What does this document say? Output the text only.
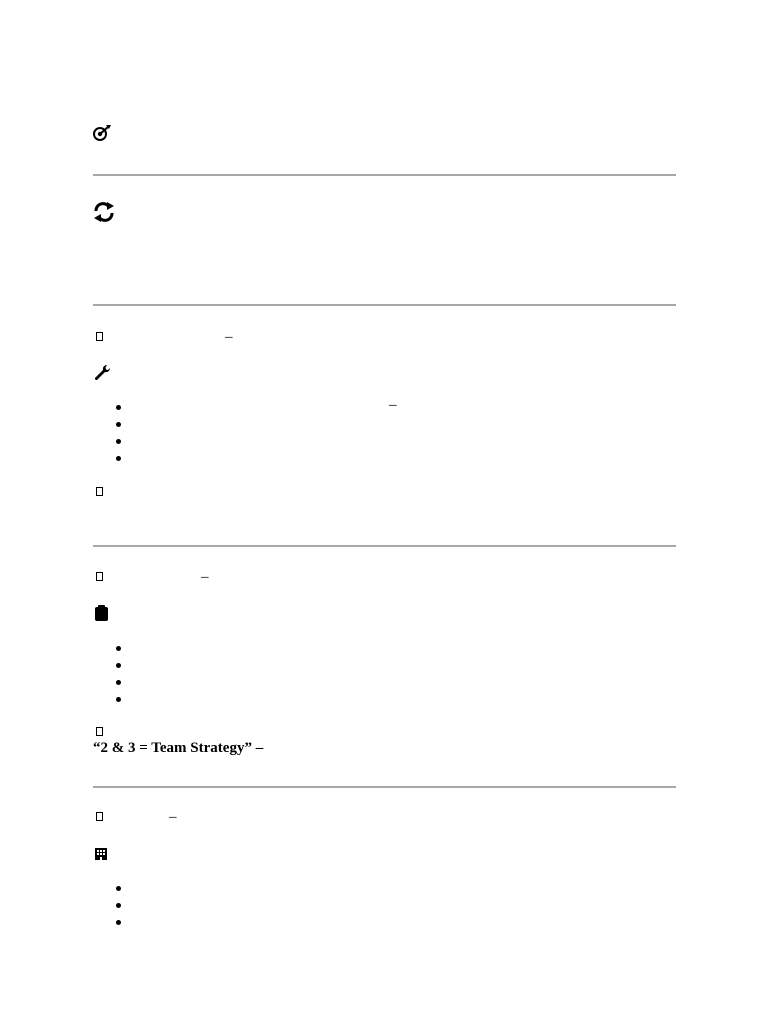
–
–
–
“2 & 3 = Team Strategy” –
–
